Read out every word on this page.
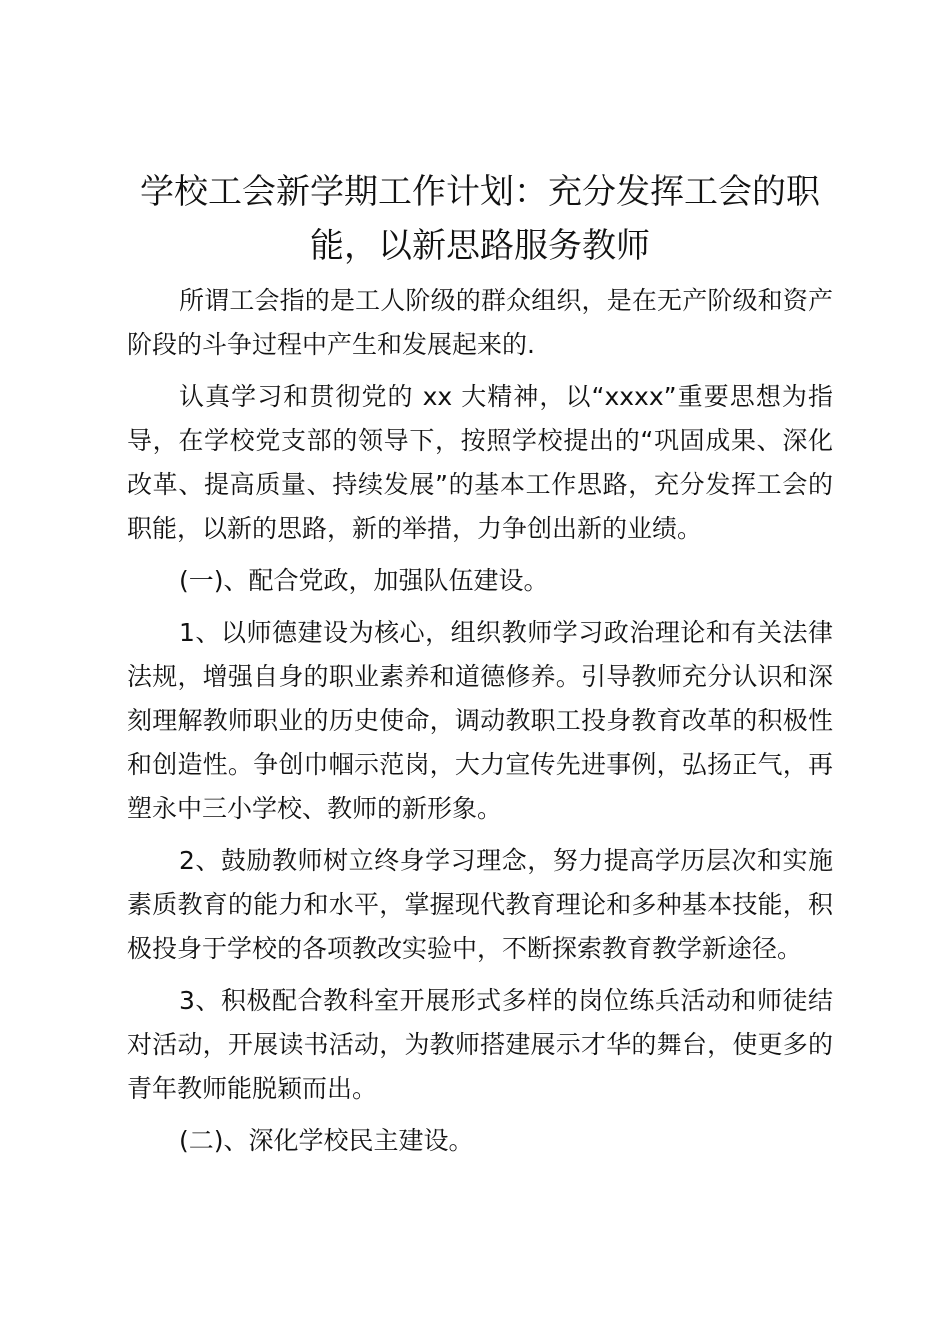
学校工会新学期工作计划：充分发挥工会的职能，以新思路服务教师

所谓工会指的是工人阶级的群众组织，是在无产阶级和资产阶段的斗争过程中产生和发展起来的.

认真学习和贯彻党的 xx 大精神，以“xxxx”重要思想为指导，在学校党支部的领导下，按照学校提出的“巩固成果、深化改革、提高质量、持续发展”的基本工作思路，充分发挥工会的职能，以新的思路，新的举措，力争创出新的业绩。

(一)、配合党政，加强队伍建设。

1、以师德建设为核心，组织教师学习政治理论和有关法律法规，增强自身的职业素养和道德修养。引导教师充分认识和深刻理解教师职业的历史使命，调动教职工投身教育改革的积极性和创造性。争创巾帼示范岗，大力宣传先进事例，弘扬正气，再塑永中三小学校、教师的新形象。

2、鼓励教师树立终身学习理念，努力提高学历层次和实施素质教育的能力和水平，掌握现代教育理论和多种基本技能，积极投身于学校的各项教改实验中，不断探索教育教学新途径。

3、积极配合教科室开展形式多样的岗位练兵活动和师徒结对活动，开展读书活动，为教师搭建展示才华的舞台，使更多的青年教师能脱颖而出。

(二)、深化学校民主建设。
